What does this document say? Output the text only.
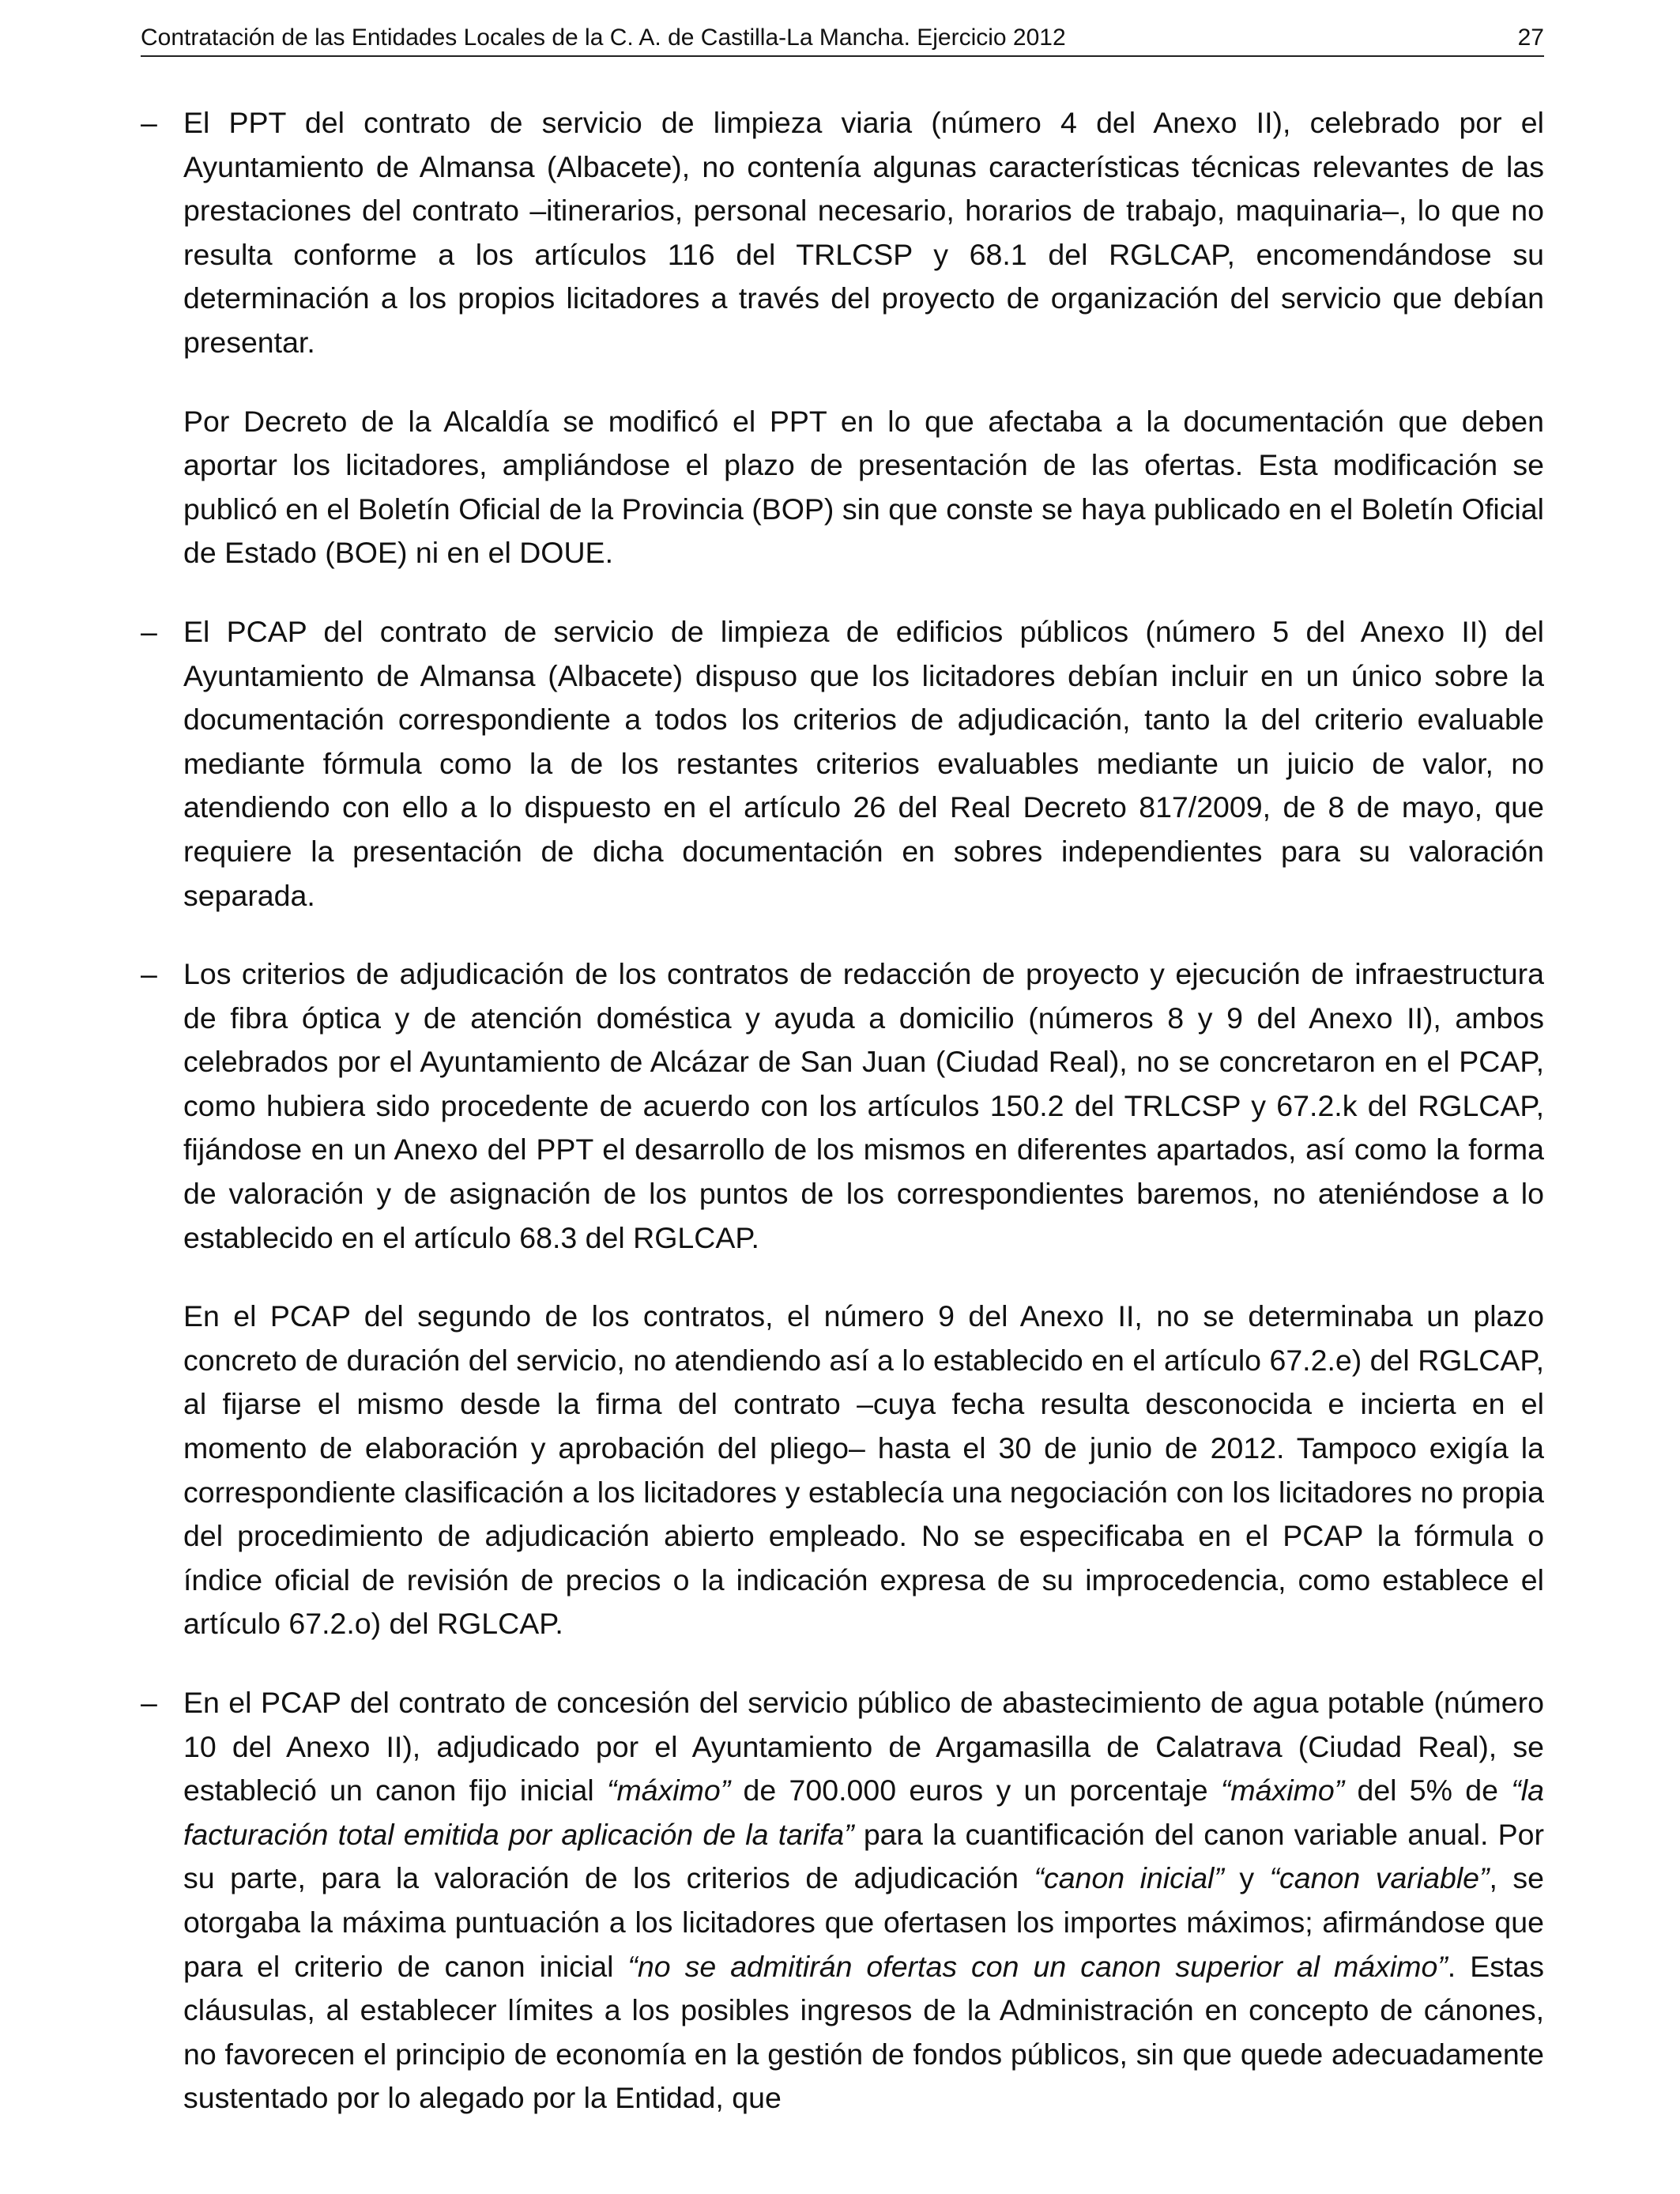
Contratación de las Entidades Locales de la C. A. de Castilla-La Mancha. Ejercicio 2012	27
– El PPT del contrato de servicio de limpieza viaria (número 4 del Anexo II), celebrado por el Ayuntamiento de Almansa (Albacete), no contenía algunas características técnicas relevantes de las prestaciones del contrato –itinerarios, personal necesario, horarios de trabajo, maquinaria–, lo que no resulta conforme a los artículos 116 del TRLCSP y 68.1 del RGLCAP, encomendándose su determinación a los propios licitadores a través del proyecto de organización del servicio que debían presentar.

Por Decreto de la Alcaldía se modificó el PPT en lo que afectaba a la documentación que deben aportar los licitadores, ampliándose el plazo de presentación de las ofertas. Esta modificación se publicó en el Boletín Oficial de la Provincia (BOP) sin que conste se haya publicado en el Boletín Oficial de Estado (BOE) ni en el DOUE.

– El PCAP del contrato de servicio de limpieza de edificios públicos (número 5 del Anexo II) del Ayuntamiento de Almansa (Albacete) dispuso que los licitadores debían incluir en un único sobre la documentación correspondiente a todos los criterios de adjudicación, tanto la del criterio evaluable mediante fórmula como la de los restantes criterios evaluables mediante un juicio de valor, no atendiendo con ello a lo dispuesto en el artículo 26 del Real Decreto 817/2009, de 8 de mayo, que requiere la presentación de dicha documentación en sobres independientes para su valoración separada.

– Los criterios de adjudicación de los contratos de redacción de proyecto y ejecución de infraestructura de fibra óptica y de atención doméstica y ayuda a domicilio (números 8 y 9 del Anexo II), ambos celebrados por el Ayuntamiento de Alcázar de San Juan (Ciudad Real), no se concretaron en el PCAP, como hubiera sido procedente de acuerdo con los artículos 150.2 del TRLCSP y 67.2.k del RGLCAP, fijándose en un Anexo del PPT el desarrollo de los mismos en diferentes apartados, así como la forma de valoración y de asignación de los puntos de los correspondientes baremos, no ateniéndose a lo establecido en el artículo 68.3 del RGLCAP.

En el PCAP del segundo de los contratos, el número 9 del Anexo II, no se determinaba un plazo concreto de duración del servicio, no atendiendo así a lo establecido en el artículo 67.2.e) del RGLCAP, al fijarse el mismo desde la firma del contrato –cuya fecha resulta desconocida e incierta en el momento de elaboración y aprobación del pliego– hasta el 30 de junio de 2012. Tampoco exigía la correspondiente clasificación a los licitadores y establecía una negociación con los licitadores no propia del procedimiento de adjudicación abierto empleado. No se especificaba en el PCAP la fórmula o índice oficial de revisión de precios o la indicación expresa de su improcedencia, como establece el artículo 67.2.o) del RGLCAP.

– En el PCAP del contrato de concesión del servicio público de abastecimiento de agua potable (número 10 del Anexo II), adjudicado por el Ayuntamiento de Argamasilla de Calatrava (Ciudad Real), se estableció un canon fijo inicial “máximo” de 700.000 euros y un porcentaje “máximo” del 5% de “la facturación total emitida por aplicación de la tarifa” para la cuantificación del canon variable anual. Por su parte, para la valoración de los criterios de adjudicación “canon inicial” y “canon variable”, se otorgaba la máxima puntuación a los licitadores que ofertasen los importes máximos; afirmándose que para el criterio de canon inicial “no se admitirán ofertas con un canon superior al máximo”. Estas cláusulas, al establecer límites a los posibles ingresos de la Administración en concepto de cánones, no favorecen el principio de economía en la gestión de fondos públicos, sin que quede adecuadamente sustentado por lo alegado por la Entidad, que
